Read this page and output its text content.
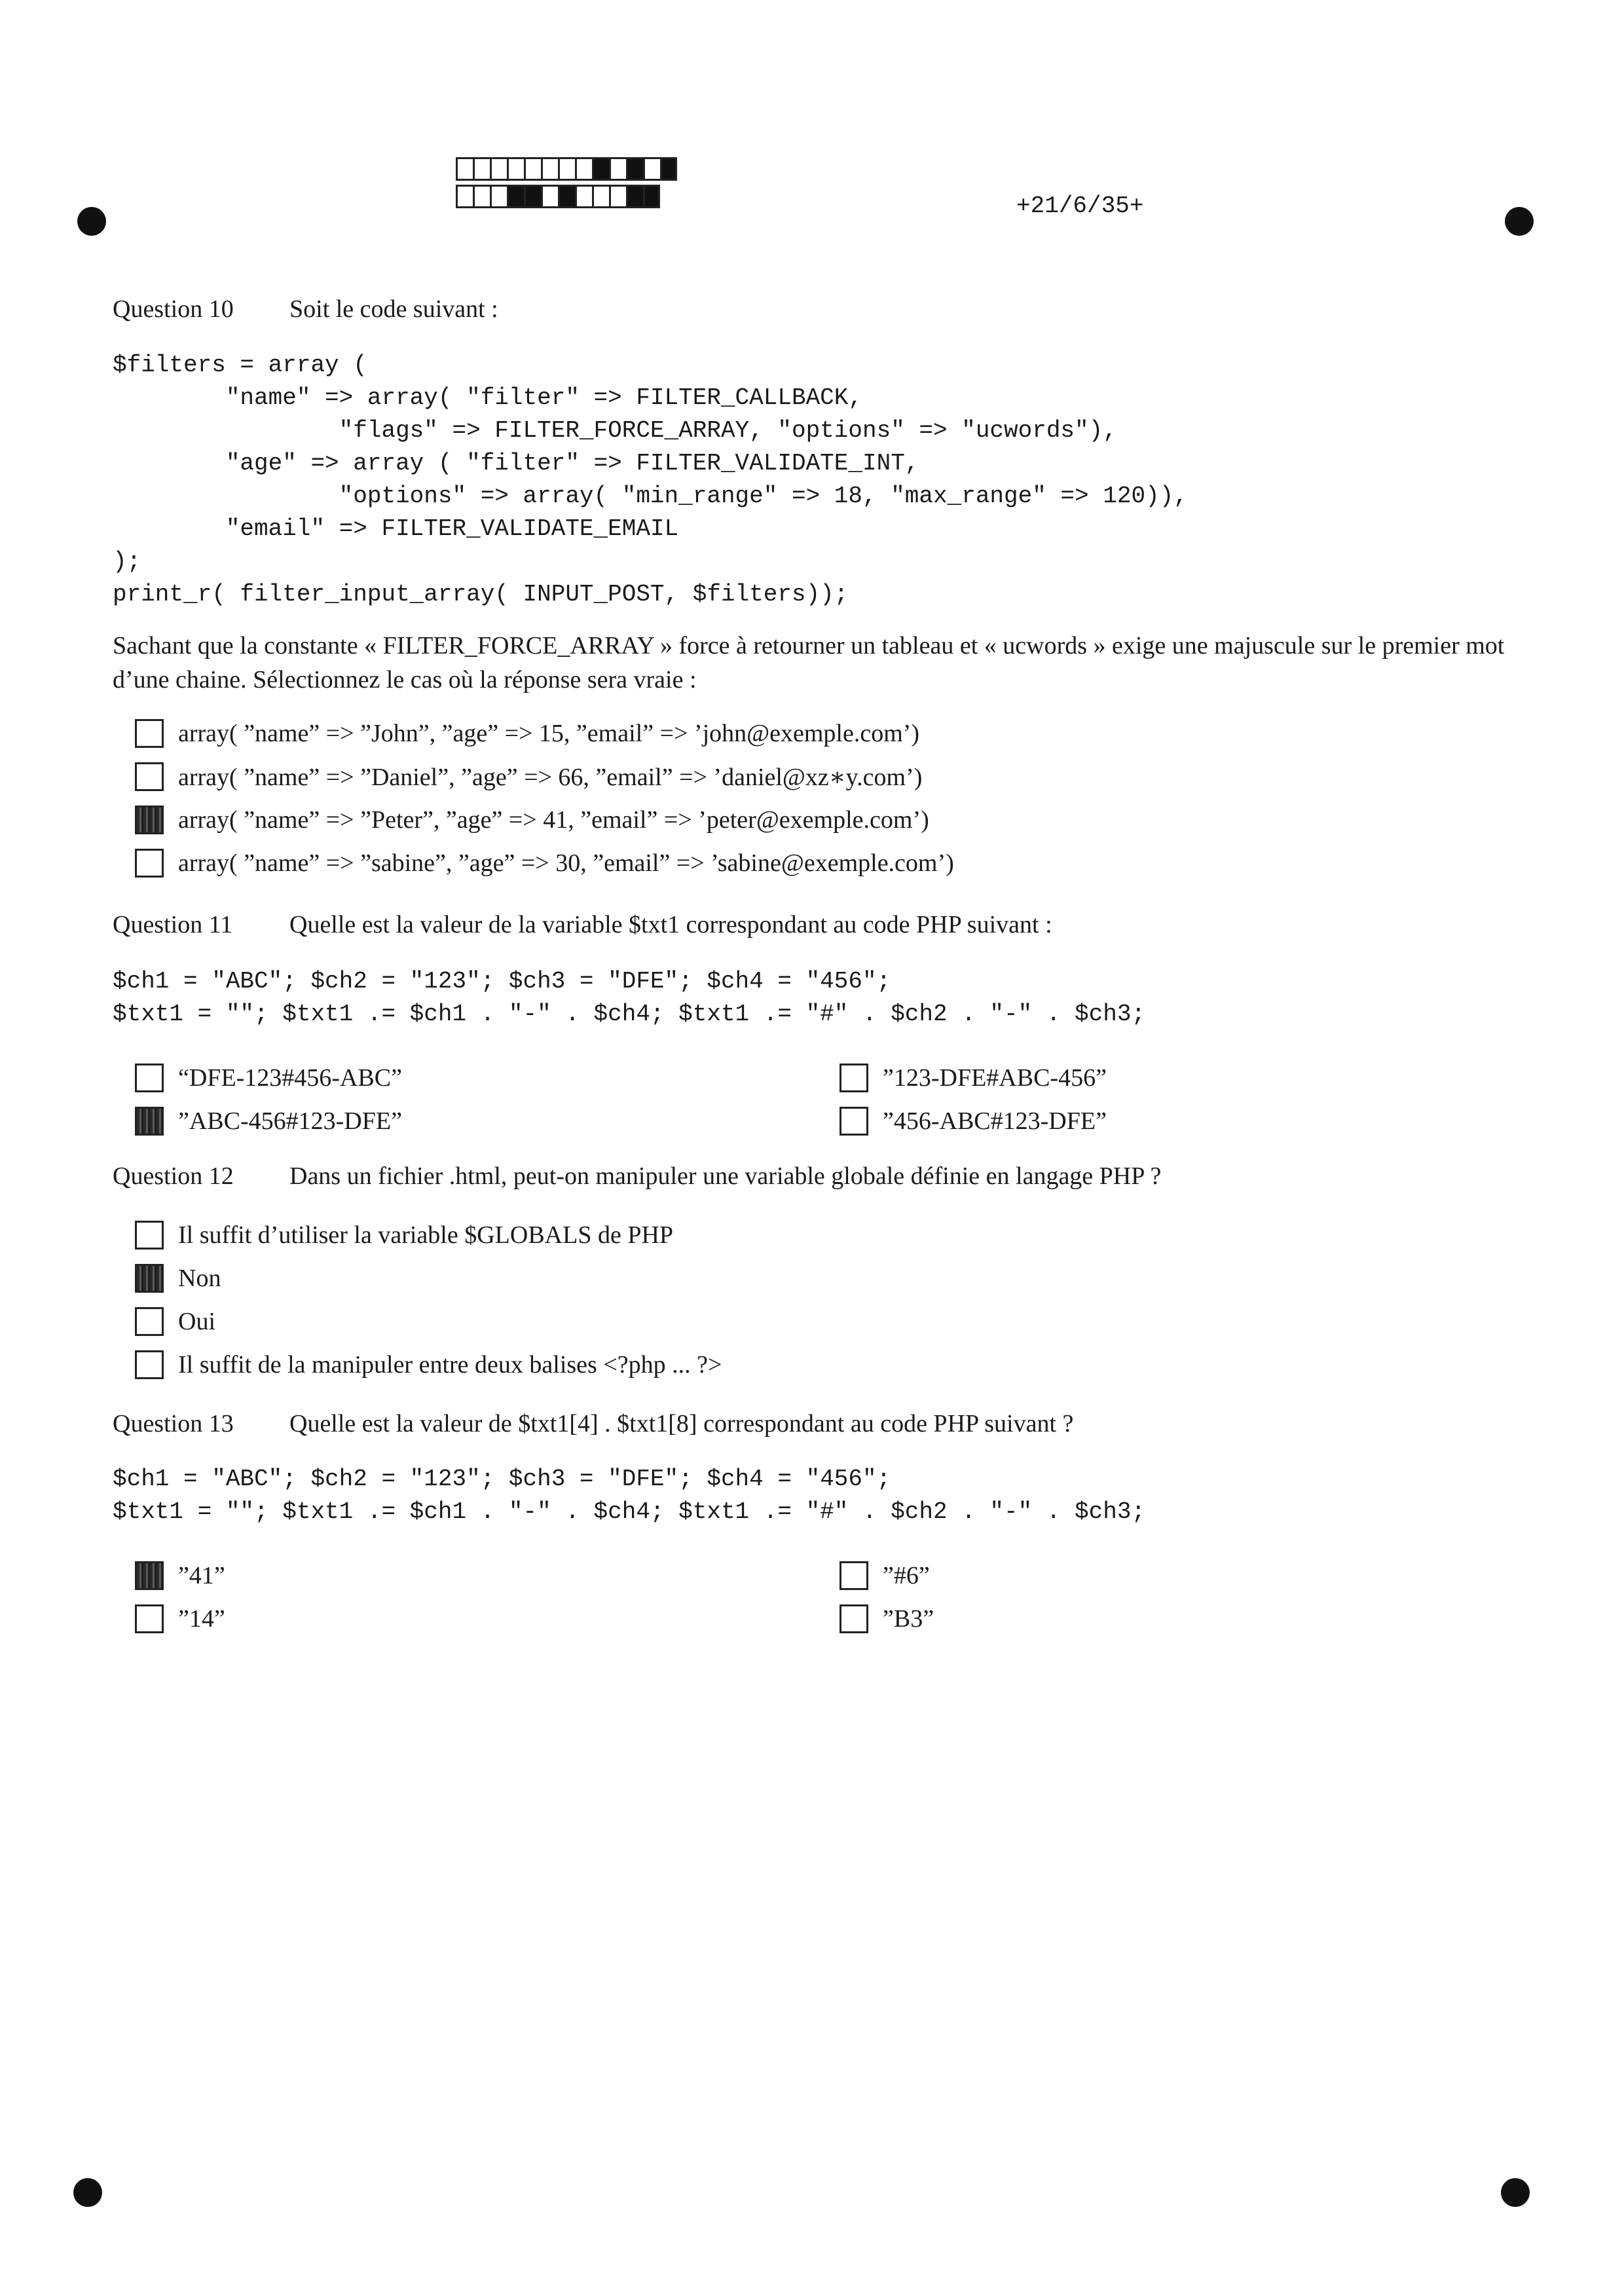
+21/6/35+
Question 10	Soit le code suivant :
$filters = array (
"name" => array( "filter" => FILTER_CALLBACK,
"flags" => FILTER_FORCE_ARRAY, "options" => "ucwords"),
"age" => array ( "filter" => FILTER_VALIDATE_INT,
"options" => array( "min_range" => 18, "max_range" => 120)),
"email" => FILTER_VALIDATE_EMAIL
);
print_r( filter_input_array( INPUT_POST, $filters));
Sachant que la constante « FILTER_FORCE_ARRAY » force à retourner un tableau et « ucwords » exige une majuscule sur le premier mot d’une chaine. Sélectionnez le cas où la réponse sera vraie :
array( ”name” => ”John”, ”age” => 15, ”email” => ’john@exemple.com’)
array( ”name” => ”Daniel”, ”age” => 66, ”email” => ’daniel@xz∗y.com’)
array( ”name” => ”Peter”, ”age” => 41, ”email” => ’peter@exemple.com’)
array( ”name” => ”sabine”, ”age” => 30, ”email” => ’sabine@exemple.com’)
Question 11	Quelle est la valeur de la variable $txt1 correspondant au code PHP suivant :
$ch1 = "ABC"; $ch2 = "123"; $ch3 = "DFE"; $ch4 = "456";
$txt1 = ""; $txt1 .= $ch1 . "-" . $ch4; $txt1 .= "#" . $ch2 . "-" . $ch3;
“DFE-123#456-ABC”
”ABC-456#123-DFE”
”123-DFE#ABC-456”
”456-ABC#123-DFE”
Question 12	Dans un fichier .html, peut-on manipuler une variable globale définie en langage PHP ?
Il suffit d’utiliser la variable $GLOBALS de PHP
Non
Oui
Il suffit de la manipuler entre deux balises <?php ... ?>
Question 13	Quelle est la valeur de $txt1[4] . $txt1[8] correspondant au code PHP suivant ?
$ch1 = "ABC"; $ch2 = "123"; $ch3 = "DFE"; $ch4 = "456";
$txt1 = ""; $txt1 .= $ch1 . "-" . $ch4; $txt1 .= "#" . $ch2 . "-" . $ch3;
”41”
”14”
”#6”
”B3”
